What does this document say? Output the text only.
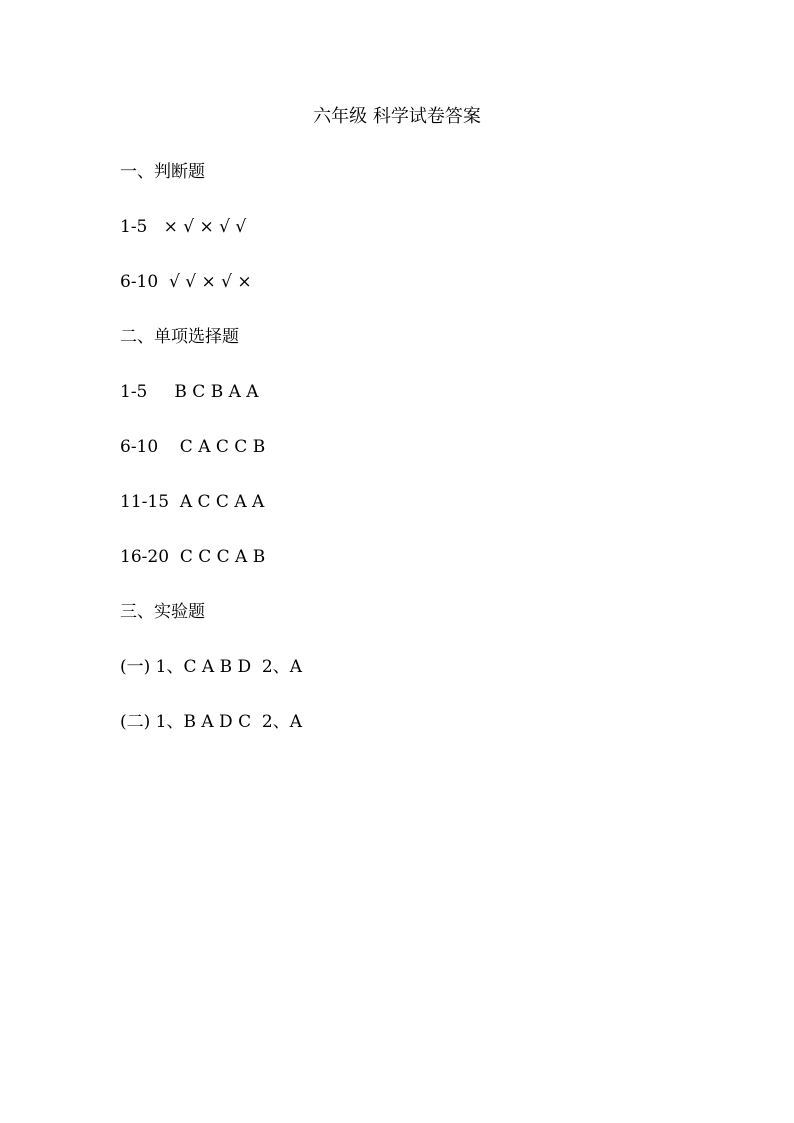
六年级 科学试卷答案
一、判断题
1-5   × √ × √ √
6-10  √ √ × √ ×
二、单项选择题
1-5     B C B A A
6-10    C A C C B
11-15  A C C A A
16-20  C C C A B
三、实验题
(一) 1、C A B D  2、A
(二) 1、B A D C  2、A
